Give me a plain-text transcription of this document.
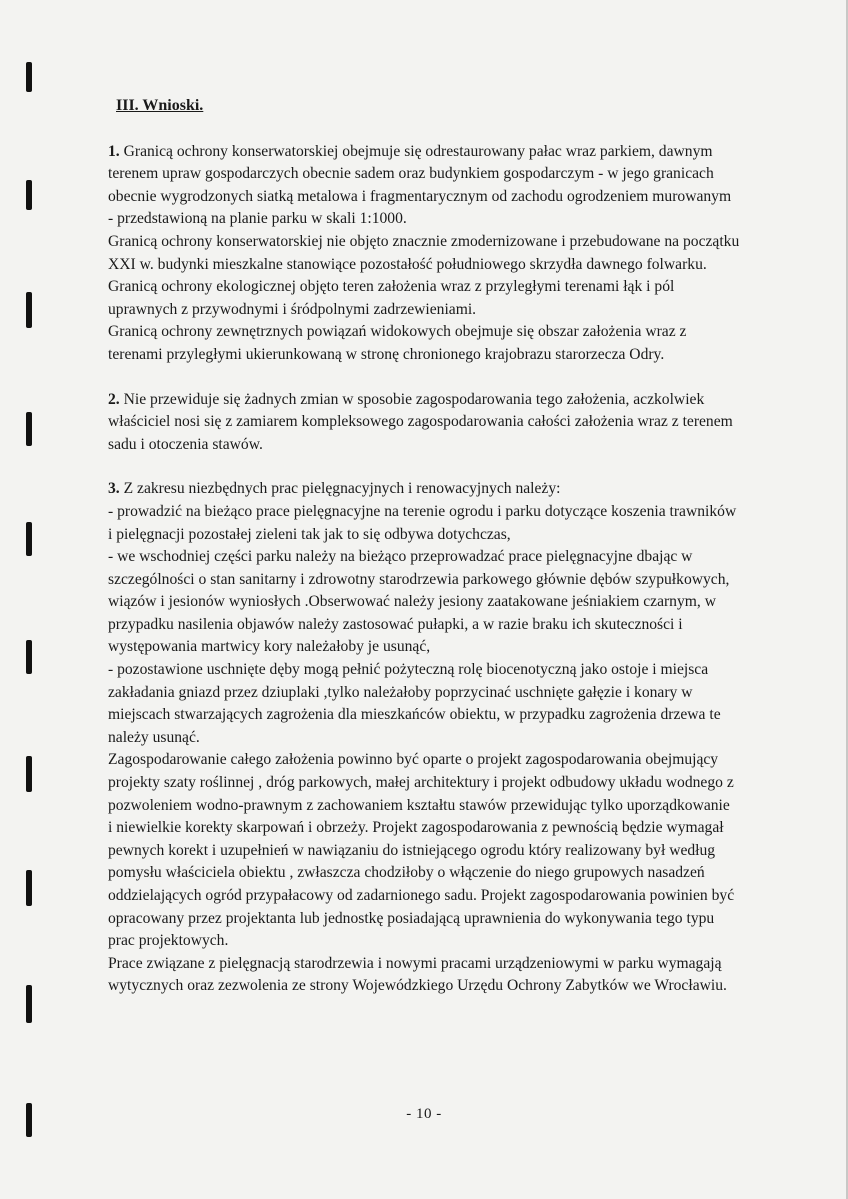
III. Wnioski.
1. Granicą ochrony konserwatorskiej obejmuje się odrestaurowany pałac wraz parkiem, dawnym
terenem upraw gospodarczych obecnie sadem oraz budynkiem gospodarczym - w jego granicach
obecnie wygrodzonych siatką metalowa i fragmentarycznym od zachodu ogrodzeniem murowanym
- przedstawioną na planie parku w skali 1:1000.
Granicą ochrony konserwatorskiej nie objęto znacznie zmodernizowane i przebudowane na początku
XXI w. budynki mieszkalne stanowiące pozostałość południowego skrzydła dawnego folwarku.
Granicą ochrony ekologicznej objęto teren założenia wraz z przyległymi terenami łąk i pól
uprawnych z przywodnymi i śródpolnymi zadrzewieniami.
Granicą ochrony zewnętrznych powiązań widokowych obejmuje się obszar założenia wraz z
terenami przyległymi ukierunkowaną w stronę chronionego krajobrazu starorzecza Odry.
2. Nie przewiduje się żadnych zmian w sposobie zagospodarowania tego założenia, aczkolwiek
właściciel nosi się z zamiarem kompleksowego zagospodarowania całości założenia wraz z terenem
sadu i otoczenia stawów.
3. Z zakresu niezbędnych prac pielęgnacyjnych i renowacyjnych należy:
- prowadzić na bieżąco prace pielęgnacyjne na terenie ogrodu i parku dotyczące koszenia trawników
i pielęgnacji pozostałej zieleni tak jak to się odbywa dotychczas,
- we wschodniej części parku należy na bieżąco przeprowadzać prace pielęgnacyjne dbając w
szczególności o stan sanitarny i zdrowotny starodrzewia parkowego głównie dębów szypułkowych,
wiązów i jesionów wyniosłych .Obserwować należy jesiony zaatakowane jeśniakiem czarnym, w
przypadku nasilenia objawów należy zastosować pułapki, a w razie braku ich skuteczności i
występowania martwicy kory należałoby je usunąć,
- pozostawione uschnięte dęby mogą pełnić pożyteczną rolę biocenotyczną jako ostoje i miejsca
zakładania gniazd przez dziuplaki ,tylko należałoby poprzycinać uschnięte gałęzie i konary w
miejscach stwarzających zagrożenia dla mieszkańców obiektu, w przypadku zagrożenia drzewa te
należy usunąć.
Zagospodarowanie całego założenia powinno być oparte o projekt zagospodarowania obejmujący
projekty szaty roślinnej , dróg parkowych, małej architektury i projekt odbudowy układu wodnego z
pozwoleniem wodno-prawnym z zachowaniem kształtu stawów przewidując tylko uporządkowanie
i niewielkie korekty skarpowań i obrzeży. Projekt zagospodarowania z pewnością będzie wymagał
pewnych korekt i uzupełnień w nawiązaniu do istniejącego ogrodu który realizowany był według
pomysłu właściciela obiektu , zwłaszcza chodziłoby o włączenie do niego grupowych nasadzeń
oddzielających ogród przypałacowy od zadarnionego sadu. Projekt zagospodarowania powinien być
opracowany przez projektanta lub jednostkę posiadającą uprawnienia do wykonywania tego typu
prac projektowych.
Prace związane z pielęgnacją starodrzewia i nowymi pracami urządzeniowymi w parku wymagają
wytycznych oraz zezwolenia ze strony Wojewódzkiego Urzędu Ochrony Zabytków we Wrocławiu.
- 10 -
